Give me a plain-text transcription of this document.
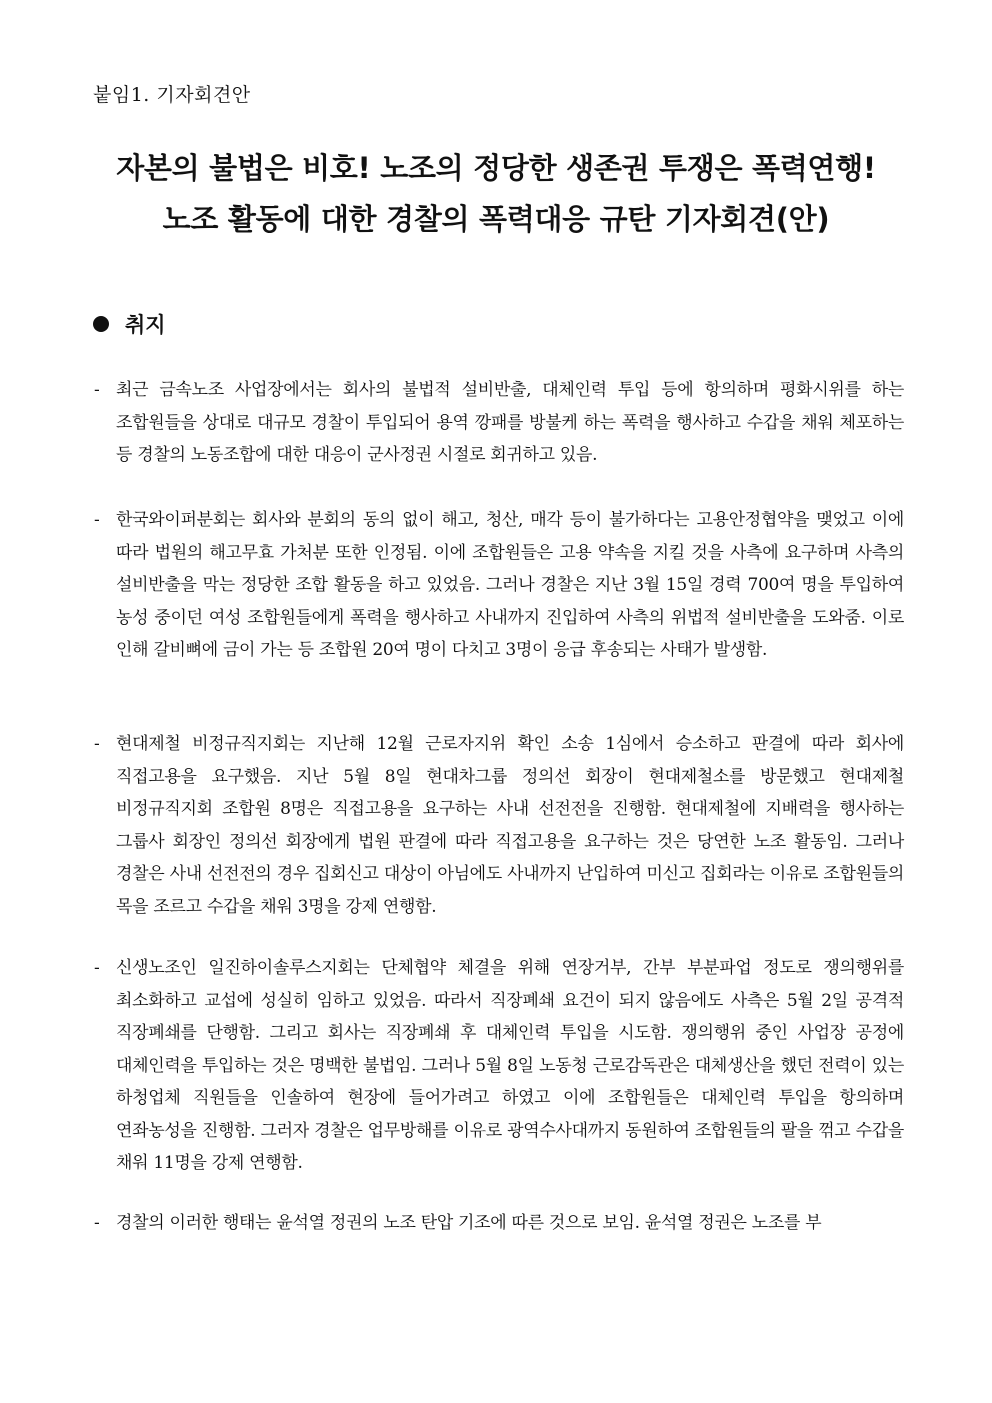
붙임1. 기자회견안
자본의 불법은 비호! 노조의 정당한 생존권 투쟁은 폭력연행!
노조 활동에 대한 경찰의 폭력대응 규탄 기자회견(안)
취지
- 최근 금속노조 사업장에서는 회사의 불법적 설비반출, 대체인력 투입 등에 항의하며 평화시위를 하는 조합원들을 상대로 대규모 경찰이 투입되어 용역 깡패를 방불케 하는 폭력을 행사하고 수갑을 채워 체포하는 등 경찰의 노동조합에 대한 대응이 군사정권 시절로 회귀하고 있음.
- 한국와이퍼분회는 회사와 분회의 동의 없이 해고, 청산, 매각 등이 불가하다는 고용안정협약을 맺었고 이에 따라 법원의 해고무효 가처분 또한 인정됨. 이에 조합원들은 고용 약속을 지킬 것을 사측에 요구하며 사측의 설비반출을 막는 정당한 조합 활동을 하고 있었음. 그러나 경찰은 지난 3월 15일 경력 700여 명을 투입하여 농성 중이던 여성 조합원들에게 폭력을 행사하고 사내까지 진입하여 사측의 위법적 설비반출을 도와줌. 이로 인해 갈비뼈에 금이 가는 등 조합원 20여 명이 다치고 3명이 응급 후송되는 사태가 발생함.
- 현대제철 비정규직지회는 지난해 12월 근로자지위 확인 소송 1심에서 승소하고 판결에 따라 회사에 직접고용을 요구했음. 지난 5월 8일 현대차그룹 정의선 회장이 현대제철소를 방문했고 현대제철 비정규직지회 조합원 8명은 직접고용을 요구하는 사내 선전전을 진행함. 현대제철에 지배력을 행사하는 그룹사 회장인 정의선 회장에게 법원 판결에 따라 직접고용을 요구하는 것은 당연한 노조 활동임. 그러나 경찰은 사내 선전전의 경우 집회신고 대상이 아님에도 사내까지 난입하여 미신고 집회라는 이유로 조합원들의 목을 조르고 수갑을 채워 3명을 강제 연행함.
- 신생노조인 일진하이솔루스지회는 단체협약 체결을 위해 연장거부, 간부 부분파업 정도로 쟁의행위를 최소화하고 교섭에 성실히 임하고 있었음. 따라서 직장폐쇄 요건이 되지 않음에도 사측은 5월 2일 공격적 직장폐쇄를 단행함. 그리고 회사는 직장폐쇄 후 대체인력 투입을 시도함. 쟁의행위 중인 사업장 공정에 대체인력을 투입하는 것은 명백한 불법임. 그러나 5월 8일 노동청 근로감독관은 대체생산을 했던 전력이 있는 하청업체 직원들을 인솔하여 현장에 들어가려고 하였고 이에 조합원들은 대체인력 투입을 항의하며 연좌농성을 진행함. 그러자 경찰은 업무방해를 이유로 광역수사대까지 동원하여 조합원들의 팔을 꺾고 수갑을 채워 11명을 강제 연행함.
- 경찰의 이러한 행태는 윤석열 정권의 노조 탄압 기조에 따른 것으로 보임. 윤석열 정권은 노조를 부
